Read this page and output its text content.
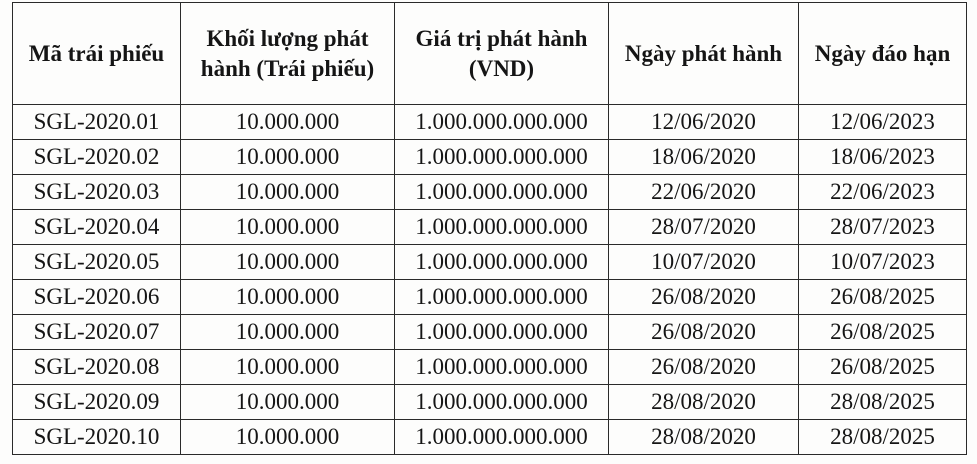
Mã trái phiếu	Khối lượng phát hành (Trái phiếu)	Giá trị phát hành (VND)	Ngày phát hành	Ngày đáo hạn
SGL-2020.01	10.000.000	1.000.000.000.000	12/06/2020	12/06/2023
SGL-2020.02	10.000.000	1.000.000.000.000	18/06/2020	18/06/2023
SGL-2020.03	10.000.000	1.000.000.000.000	22/06/2020	22/06/2023
SGL-2020.04	10.000.000	1.000.000.000.000	28/07/2020	28/07/2023
SGL-2020.05	10.000.000	1.000.000.000.000	10/07/2020	10/07/2023
SGL-2020.06	10.000.000	1.000.000.000.000	26/08/2020	26/08/2025
SGL-2020.07	10.000.000	1.000.000.000.000	26/08/2020	26/08/2025
SGL-2020.08	10.000.000	1.000.000.000.000	26/08/2020	26/08/2025
SGL-2020.09	10.000.000	1.000.000.000.000	28/08/2020	28/08/2025
SGL-2020.10	10.000.000	1.000.000.000.000	28/08/2020	28/08/2025
